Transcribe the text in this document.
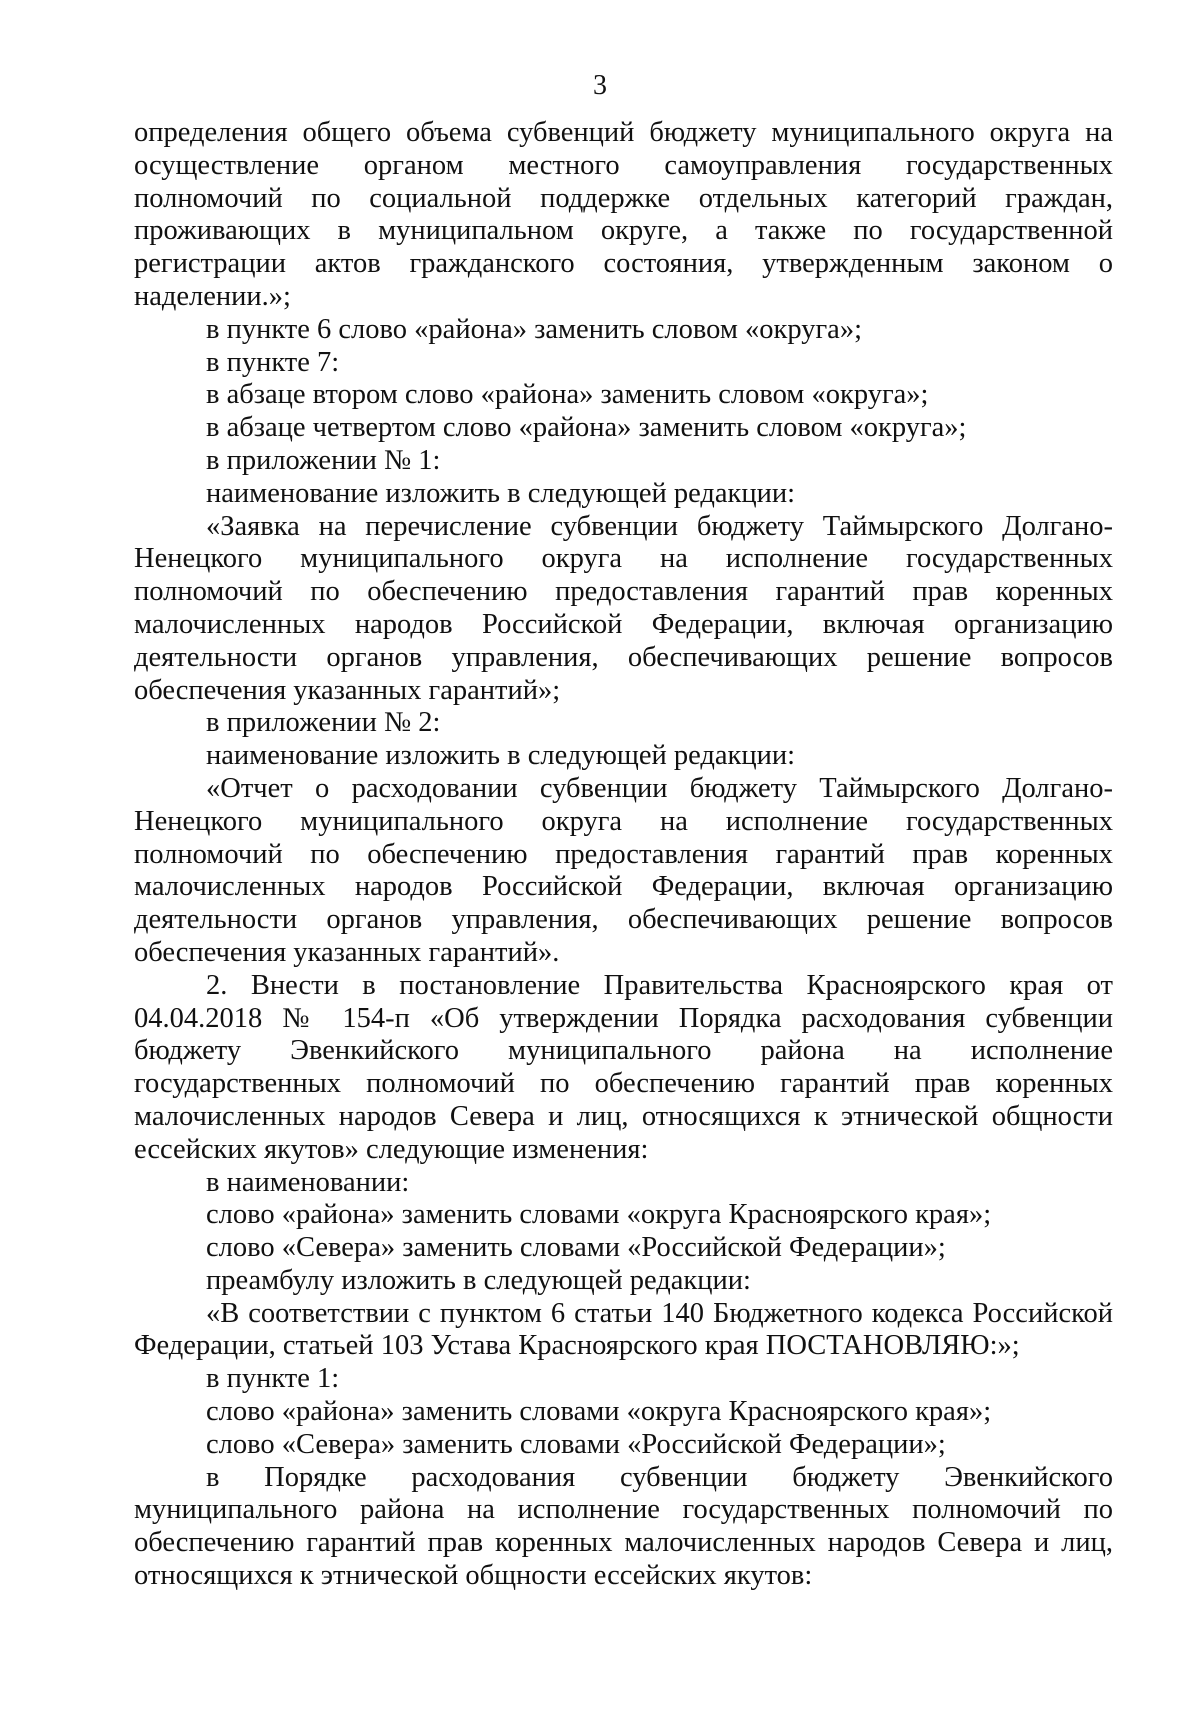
3

определения общего объема субвенций бюджету муниципального округа на осуществление органом местного самоуправления государственных полномочий по социальной поддержке отдельных категорий граждан, проживающих в муниципальном округе, а также по государственной регистрации актов гражданского состояния, утвержденным законом о наделении.»;

в пункте 6 слово «района» заменить словом «округа»;

в пункте 7:

в абзаце втором слово «района» заменить словом «округа»;

в абзаце четвертом слово «района» заменить словом «округа»;

в приложении № 1:

наименование изложить в следующей редакции:

«Заявка на перечисление субвенции бюджету Таймырского Долгано-Ненецкого муниципального округа на исполнение государственных полномочий по обеспечению предоставления гарантий прав коренных малочисленных народов Российской Федерации, включая организацию деятельности органов управления, обеспечивающих решение вопросов обеспечения указанных гарантий»;

в приложении № 2:

наименование изложить в следующей редакции:

«Отчет о расходовании субвенции бюджету Таймырского Долгано-Ненецкого муниципального округа на исполнение государственных полномочий по обеспечению предоставления гарантий прав коренных малочисленных народов Российской Федерации, включая организацию деятельности органов управления, обеспечивающих решение вопросов обеспечения указанных гарантий».

2. Внести в постановление Правительства Красноярского края от 04.04.2018 № 154-п «Об утверждении Порядка расходования субвенции бюджету Эвенкийского муниципального района на исполнение государственных полномочий по обеспечению гарантий прав коренных малочисленных народов Севера и лиц, относящихся к этнической общности ессейских якутов» следующие изменения:

в наименовании:

слово «района» заменить словами «округа Красноярского края»;

слово «Севера» заменить словами «Российской Федерации»;

преамбулу изложить в следующей редакции:

«В соответствии с пунктом 6 статьи 140 Бюджетного кодекса Российской Федерации, статьей 103 Устава Красноярского края ПОСТАНОВЛЯЮ:»;

в пункте 1:

слово «района» заменить словами «округа Красноярского края»;

слово «Севера» заменить словами «Российской Федерации»;

в Порядке расходования субвенции бюджету Эвенкийского муниципального района на исполнение государственных полномочий по обеспечению гарантий прав коренных малочисленных народов Севера и лиц, относящихся к этнической общности ессейских якутов:
